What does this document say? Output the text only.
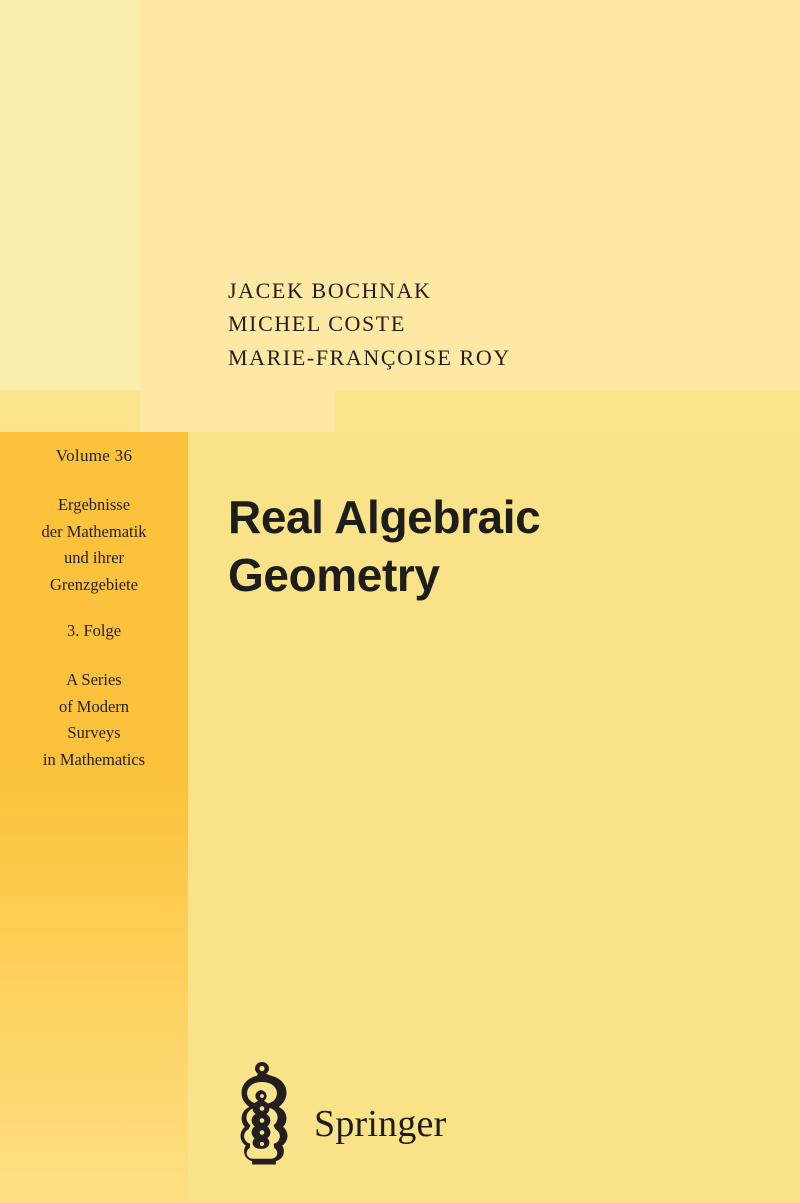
JACEK BOCHNAK
MICHEL COSTE
MARIE-FRANÇOISE ROY
Volume 36
Ergebnisse
der Mathematik
und ihrer
Grenzgebiete
3. Folge
A Series
of Modern
Surveys
in Mathematics
Real Algebraic
Geometry
Springer
